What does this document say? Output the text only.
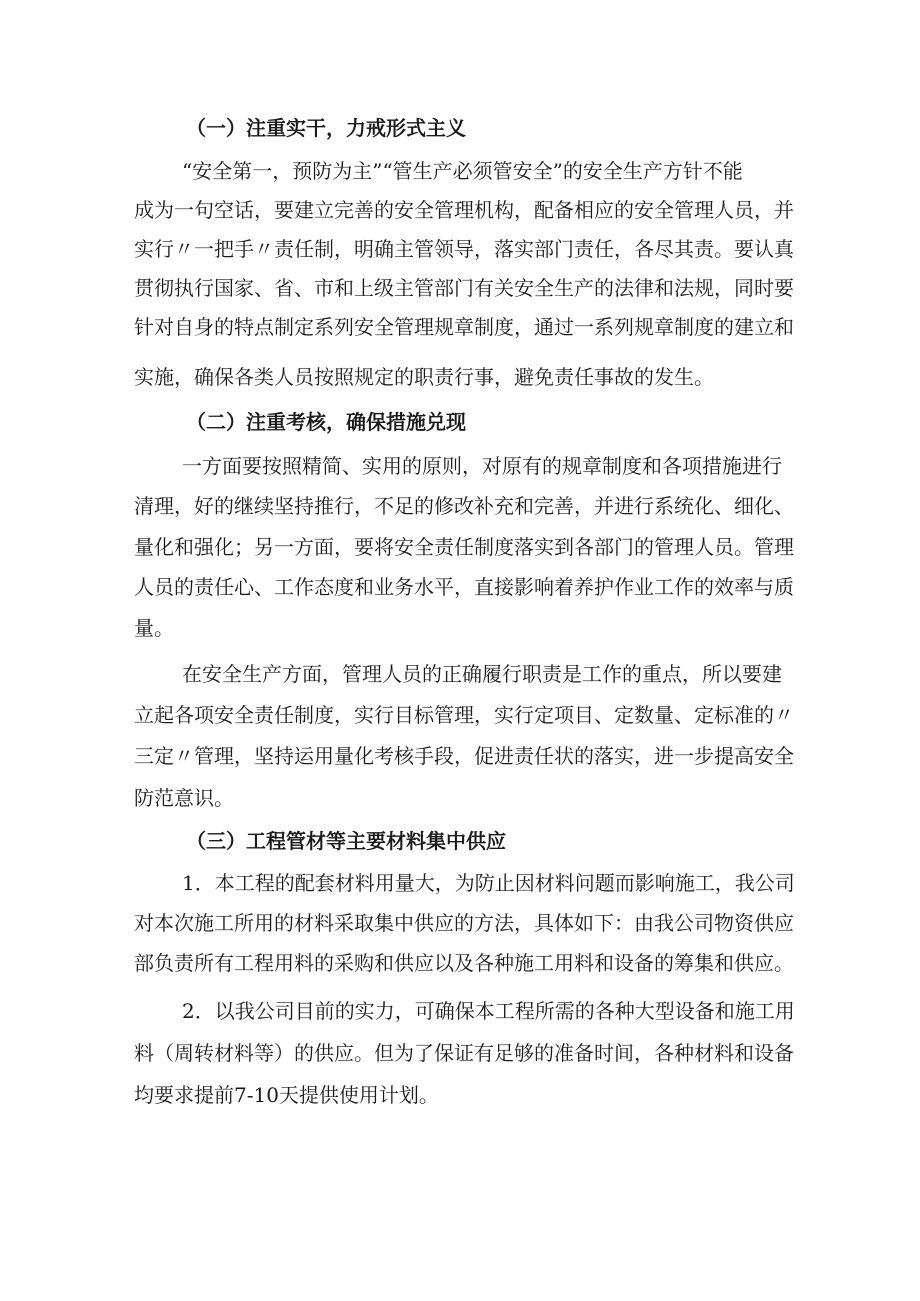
（一）注重实干，力戒形式主义
“安全第一，预防为主”“管生产必须管安全”的安全生产方针不能
成为一句空话，要建立完善的安全管理机构，配备相应的安全管理人员，并
实行〃一把手〃责任制，明确主管领导，落实部门责任，各尽其责。要认真
贯彻执行国家、省、市和上级主管部门有关安全生产的法律和法规，同时要
针对自身的特点制定系列安全管理规章制度，通过一系列规章制度的建立和
实施，确保各类人员按照规定的职责行事，避免责任事故的发生。
（二）注重考核，确保措施兑现
一方面要按照精简、实用的原则，对原有的规章制度和各项措施进行
清理，好的继续坚持推行，不足的修改补充和完善，并进行系统化、细化、
量化和强化；另一方面，要将安全责任制度落实到各部门的管理人员。管理
人员的责任心、工作态度和业务水平，直接影响着养护作业工作的效率与质
量。
在安全生产方面，管理人员的正确履行职责是工作的重点，所以要建
立起各项安全责任制度，实行目标管理，实行定项目、定数量、定标准的〃
三定〃管理，坚持运用量化考核手段，促进责任状的落实，进一步提高安全
防范意识。
（三）工程管材等主要材料集中供应
1．本工程的配套材料用量大，为防止因材料问题而影响施工，我公司
对本次施工所用的材料采取集中供应的方法，具体如下：由我公司物资供应
部负责所有工程用料的采购和供应以及各种施工用料和设备的筹集和供应。
2．以我公司目前的实力，可确保本工程所需的各种大型设备和施工用
料（周转材料等）的供应。但为了保证有足够的准备时间，各种材料和设备
均要求提前7-10天提供使用计划。
